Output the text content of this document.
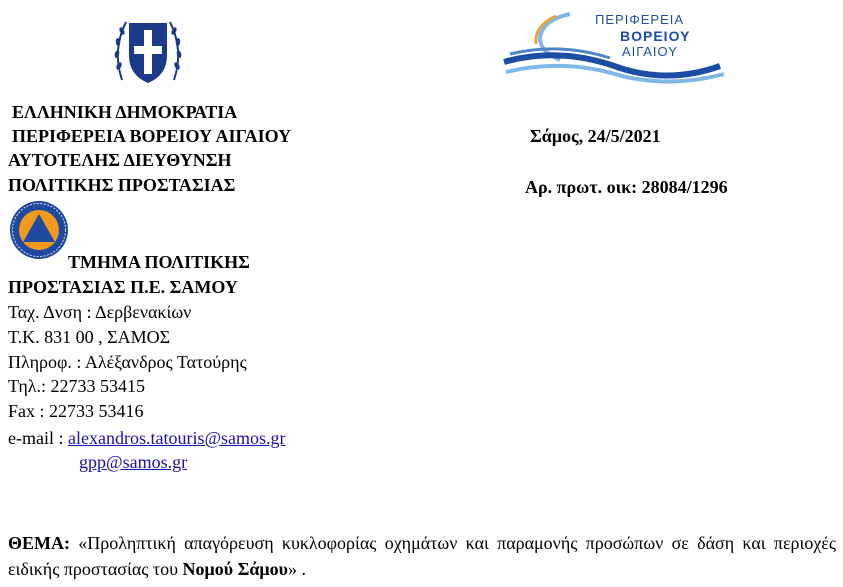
ΠΕΡΙΦΕΡΕΙΑ
ΒΟΡΕΙΟΥ
ΑΙΓΑΙΟΥ
ΕΛΛΗΝΙΚΗ ΔΗΜΟΚΡΑΤΙΑ
ΠΕΡΙΦΕΡΕΙΑ ΒΟΡΕΙΟΥ ΑΙΓΑΙΟΥ
ΑΥΤΟΤΕΛΗΣ ΔΙΕΥΘΥΝΣΗ
ΠΟΛΙΤΙΚΗΣ ΠΡΟΣΤΑΣΙΑΣ
Σάμος, 24/5/2021
Αρ. πρωτ. οικ: 28084/1296
ΤΜΗΜΑ ΠΟΛΙΤΙΚΗΣ
ΠΡΟΣΤΑΣΙΑΣ Π.Ε. ΣΑΜΟΥ
Ταχ. Δνση : Δερβενακίων
Τ.Κ. 831 00 , ΣΑΜΟΣ
Πληροφ. : Αλέξανδρος Τατούρης
Τηλ.: 22733 53415
Fax : 22733 53416
e-mail : alexandros.tatouris@samos.gr
gpp@samos.gr
ΘΕΜΑ: «Προληπτική απαγόρευση κυκλοφορίας οχημάτων και παραμονής προσώπων σε δάση και περιοχές ειδικής προστασίας του Νομού Σάμου» .
